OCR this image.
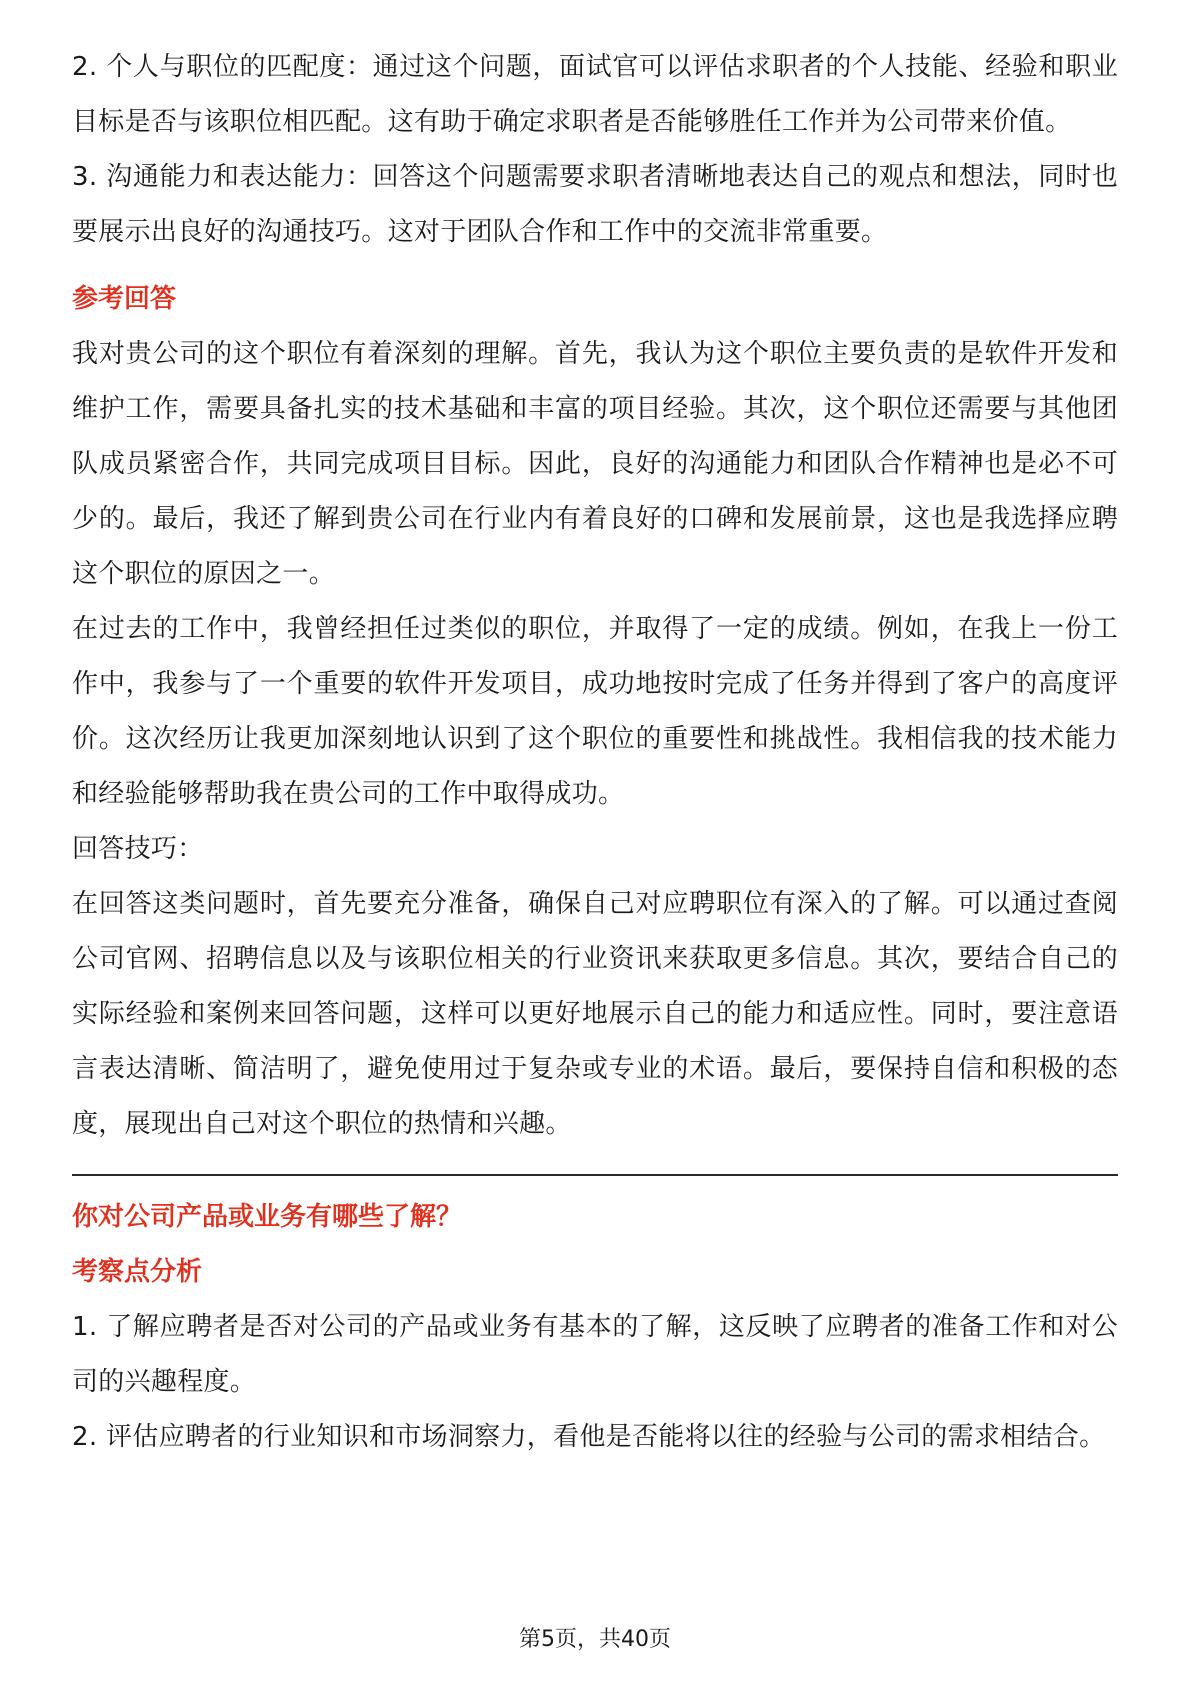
2. 个人与职位的匹配度：通过这个问题，面试官可以评估求职者的个人技能、经验和职业目标是否与该职位相匹配。这有助于确定求职者是否能够胜任工作并为公司带来价值。

3. 沟通能力和表达能力：回答这个问题需要求职者清晰地表达自己的观点和想法，同时也要展示出良好的沟通技巧。这对于团队合作和工作中的交流非常重要。

参考回答

我对贵公司的这个职位有着深刻的理解。首先，我认为这个职位主要负责的是软件开发和维护工作，需要具备扎实的技术基础和丰富的项目经验。其次，这个职位还需要与其他团队成员紧密合作，共同完成项目目标。因此，良好的沟通能力和团队合作精神也是必不可少的。最后，我还了解到贵公司在行业内有着良好的口碑和发展前景，这也是我选择应聘这个职位的原因之一。

在过去的工作中，我曾经担任过类似的职位，并取得了一定的成绩。例如，在我上一份工作中，我参与了一个重要的软件开发项目，成功地按时完成了任务并得到了客户的高度评价。这次经历让我更加深刻地认识到了这个职位的重要性和挑战性。我相信我的技术能力和经验能够帮助我在贵公司的工作中取得成功。

回答技巧：

在回答这类问题时，首先要充分准备，确保自己对应聘职位有深入的了解。可以通过查阅公司官网、招聘信息以及与该职位相关的行业资讯来获取更多信息。其次，要结合自己的实际经验和案例来回答问题，这样可以更好地展示自己的能力和适应性。同时，要注意语言表达清晰、简洁明了，避免使用过于复杂或专业的术语。最后，要保持自信和积极的态度，展现出自己对这个职位的热情和兴趣。

你对公司产品或业务有哪些了解？

考察点分析

1. 了解应聘者是否对公司的产品或业务有基本的了解，这反映了应聘者的准备工作和对公司的兴趣程度。

2. 评估应聘者的行业知识和市场洞察力，看他是否能将以往的经验与公司的需求相结合。

第5页，共40页
